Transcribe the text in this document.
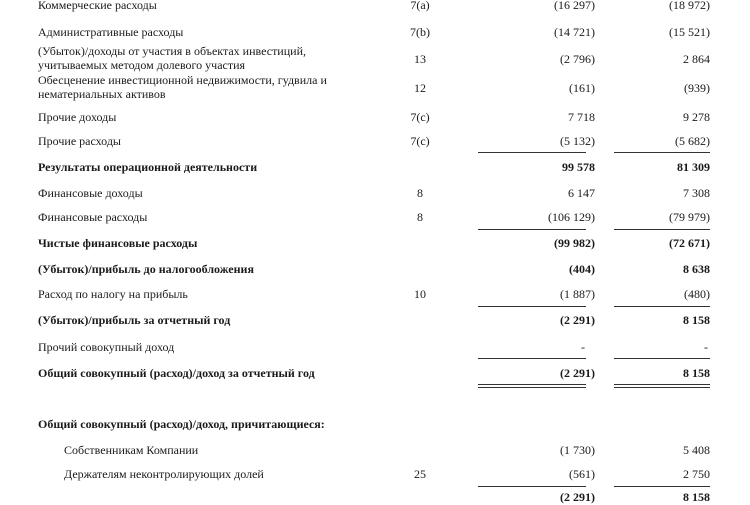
Коммерческие расходы	7(a)	(16 297)	(18 972)
Административные расходы	7(b)	(14 721)	(15 521)
(Убыток)/доходы от участия в объектах инвестиций, учитываемых методом долевого участия	13	(2 796)	2 864
Обесценение инвестиционной недвижимости, гудвила и нематериальных активов	12	(161)	(939)
Прочие доходы	7(c)	7 718	9 278
Прочие расходы	7(c)	(5 132)	(5 682)
Результаты операционной деятельности	99 578	81 309
Финансовые доходы	8	6 147	7 308
Финансовые расходы	8	(106 129)	(79 979)
Чистые финансовые расходы	(99 982)	(72 671)
(Убыток)/прибыль до налогообложения	(404)	8 638
Расход по налогу на прибыль	10	(1 887)	(480)
(Убыток)/прибыль за отчетный год	(2 291)	8 158
Прочий совокупный доход	-	-
Общий совокупный (расход)/доход за отчетный год	(2 291)	8 158
Общий совокупный (расход)/доход, причитающиеся:
Собственникам Компании	(1 730)	5 408
Держателям неконтролирующих долей	25	(561)	2 750
(2 291)	8 158
